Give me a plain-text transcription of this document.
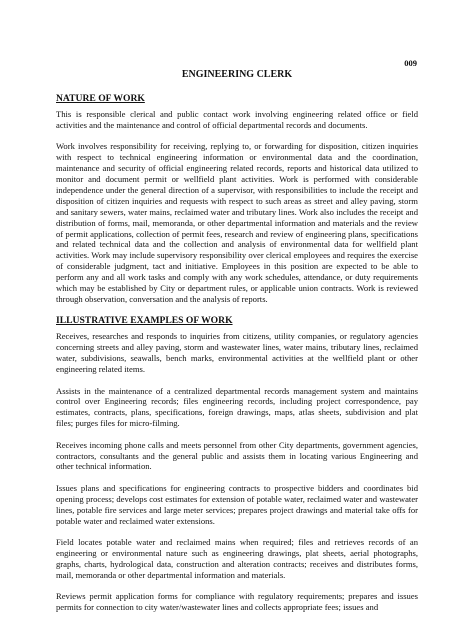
009
ENGINEERING CLERK
NATURE OF WORK

This is responsible clerical and public contact work involving engineering related office or field activities and the maintenance and control of official departmental records and documents.

Work involves responsibility for receiving, replying to, or forwarding for disposition, citizen inquiries with respect to technical engineering information or environmental data and the coordination, maintenance and security of official engineering related records, reports and historical data utilized to monitor and document permit or wellfield plant activities. Work is performed with considerable independence under the general direction of a supervisor, with responsibilities to include the receipt and disposition of citizen inquiries and requests with respect to such areas as street and alley paving, storm and sanitary sewers, water mains, reclaimed water and tributary lines. Work also includes the receipt and distribution of forms, mail, memoranda, or other departmental information and materials and the review of permit applications, collection of permit fees, research and review of engineering plans, specifications and related technical data and the collection and analysis of environmental data for wellfield plant activities. Work may include supervisory responsibility over clerical employees and requires the exercise of considerable judgment, tact and initiative. Employees in this position are expected to be able to perform any and all work tasks and comply with any work schedules, attendance, or duty requirements which may be established by City or department rules, or applicable union contracts. Work is reviewed through observation, conversation and the analysis of reports.

ILLUSTRATIVE EXAMPLES OF WORK

Receives, researches and responds to inquiries from citizens, utility companies, or regulatory agencies concerning streets and alley paving, storm and wastewater lines, water mains, tributary lines, reclaimed water, subdivisions, seawalls, bench marks, environmental activities at the wellfield plant or other engineering related items.

Assists in the maintenance of a centralized departmental records management system and maintains control over Engineering records; files engineering records, including project correspondence, pay estimates, contracts, plans, specifications, foreign drawings, maps, atlas sheets, subdivision and plat files; purges files for micro-filming.

Receives incoming phone calls and meets personnel from other City departments, government agencies, contractors, consultants and the general public and assists them in locating various Engineering and other technical information.

Issues plans and specifications for engineering contracts to prospective bidders and coordinates bid opening process; develops cost estimates for extension of potable water, reclaimed water and wastewater lines, potable fire services and large meter services; prepares project drawings and material take offs for potable water and reclaimed water extensions.

Field locates potable water and reclaimed mains when required; files and retrieves records of an engineering or environmental nature such as engineering drawings, plat sheets, aerial photographs, graphs, charts, hydrological data, construction and alteration contracts; receives and distributes forms, mail, memoranda or other departmental information and materials.

Reviews permit application forms for compliance with regulatory requirements; prepares and issues permits for connection to city water/wastewater lines and collects appropriate fees; issues and
